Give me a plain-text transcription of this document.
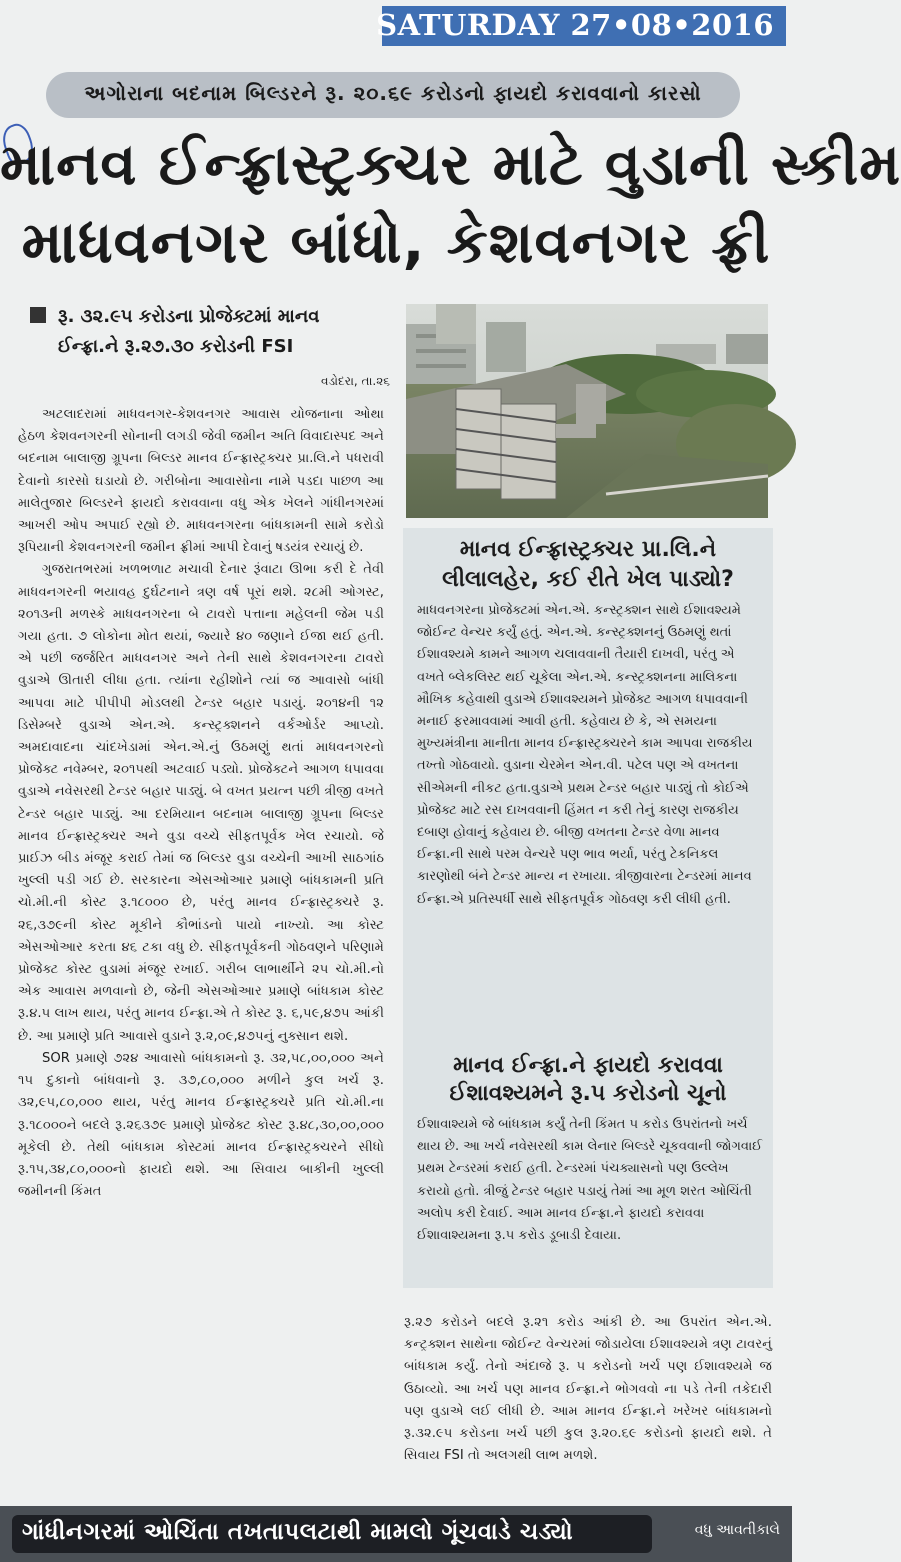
SATURDAY 27•08•2016
અગોરાના બદનામ બિલ્ડરને રૂ. ૨૦.૬૯ કરોડનો ફાયદો કરાવવાનો કારસો
માનવ ઈન્ફ્રાસ્ટ્રક્ચર માટે વુડાની સ્કીમ
માધવનગર બાંધો, કેશવનગર ફ્રી
રૂ. ૩૨.૯૫ કરોડના પ્રોજેક્ટમાં માનવ
ઈન્ફ્રા.ને રૂ.૨૭.૩૦ કરોડની FSI
વડોદરા, તા.૨૬

અટલાદરામાં માધવનગર-કેશવનગર આવાસ યોજનાના ઓથા હેઠળ કેશવનગરની સોનાની લગડી જેવી જમીન અતિ વિવાદાસ્પદ અને બદનામ બાલાજી ગ્રૂપના બિલ્ડર માનવ ઈન્ફ્રાસ્ટ્રક્ચર પ્રા.લિ.ને પધરાવી દેવાનો કારસો ઘડાયો છે. ગરીબોના આવાસોના નામે પડદા પાછળ આ માલેતુજાર બિલ્ડરને ફાયદો કરાવવાના વધુ એક ખેલને ગાંધીનગરમાં આખરી ઓપ અપાઈ રહ્યો છે. માધવનગરના બાંધકામની સામે કરોડો રૂપિયાની કેશવનગરની જમીન ફ્રીમાં આપી દેવાનું ષડયંત્ર રચાયું છે.

ગુજરાતભરમાં ખળભળાટ મચાવી દેનાર રૂંવાટા ઊભા કરી દે તેવી માધવનગરની ભયાવહ દુર્ઘટનાને ત્રણ વર્ષ પૂરાં થશે. ૨૮મી ઓગસ્ટ, ૨૦૧૩ની મળસ્કે માધવનગરના બે ટાવરો પત્તાના મહેલની જેમ પડી ગયા હતા. ૭ લોકોના મોત થયાં, જ્યારે ૪૦ જણાને ઈજા થઈ હતી. એ પછી જર્જરિત માધવનગર અને તેની સાથે કેશવનગરના ટાવરો વુડાએ ઊતારી લીધા હતા. ત્યાંના રહીશોને ત્યાં જ આવાસો બાંધી આપવા માટે પીપીપી મોડલથી ટેન્ડર બહાર પડાયું. ૨૦૧૪ની ૧૨ ડિસેમ્બરે વુડાએ એન.એ. કન્સ્ટ્રક્શનને વર્કઓર્ડર આપ્યો. અમદાવાદના ચાંદખેડામાં એન.એ.નું ઉઠમણું થતાં માધવનગરનો પ્રોજેક્ટ નવેમ્બર, ૨૦૧૫થી અટવાઈ પડ્યો. પ્રોજેક્ટને આગળ ધપાવવા વુડાએ નવેસરથી ટેન્ડર બહાર પાડ્યું. બે વખત પ્રયત્ન પછી ત્રીજી વખતે ટેન્ડર બહાર પાડ્યું. આ દરમિયાન બદનામ બાલાજી ગ્રૂપના બિલ્ડર માનવ ઈન્ફ્રાસ્ટ્રક્ચર અને વુડા વચ્ચે સીફતપૂર્વક ખેલ રચાયો. જે પ્રાઈઝ બીડ મંજૂર કરાઈ તેમાં જ બિલ્ડર વુડા વચ્ચેની આખી સાઠગાંઠ ખુલ્લી પડી ગઈ છે. સરકારના એસઓઆર પ્રમાણે બાંધકામની પ્રતિ ચો.મી.ની કોસ્ટ રૂ.૧૮૦૦૦ છે, પરંતુ માનવ ઈન્ફ્રાસ્ટ્રક્ચરે રૂ. ૨૬,૩૭૯ની કોસ્ટ મૂકીને કૌભાંડનો પાયો નાખ્યો. આ કોસ્ટ એસઓઆર કરતા ૪૬ ટકા વધુ છે. સીફતપૂર્વકની ગોઠવણને પરિણામે પ્રોજેક્ટ કોસ્ટ વુડામાં મંજૂર રખાઈ. ગરીબ લાભાર્થીને ૨૫ ચો.મી.નો એક આવાસ મળવાનો છે, જેની એસઓઆર પ્રમાણે બાંધકામ કોસ્ટ રૂ.૪.૫ લાખ થાય, પરંતુ માનવ ઈન્ફ્રા.એ તે કોસ્ટ રૂ. ૬,૫૯,૪૭૫ આંકી છે. આ પ્રમાણે પ્રતિ આવાસે વુડાને રૂ.૨,૦૯,૪૭૫નું નુક્સાન થશે.

SOR પ્રમાણે ૭૨૪ આવાસો બાંધકામનો રૂ. ૩૨,૫૮,૦૦,૦૦૦ અને ૧૫ દુકાનો બાંધવાનો રૂ. ૩૭,૮૦,૦૦૦ મળીને કુલ ખર્ચ રૂ. ૩૨,૯૫,૮૦,૦૦૦ થાય, પરંતુ માનવ ઈન્ફ્રાસ્ટ્રક્ચરે પ્રતિ ચો.મી.ના રૂ.૧૮૦૦૦ને બદલે રૂ.૨૬૩૭૯ પ્રમાણે પ્રોજેક્ટ કોસ્ટ રૂ.૪૮,૩૦,૦૦,૦૦૦ મૂકેલી છે. તેથી બાંધકામ કોસ્ટમાં માનવ ઈન્ફ્રાસ્ટ્રક્ચરને સીધો રૂ.૧૫,૩૪,૮૦,૦૦૦નો ફાયદો થશે. આ સિવાય બાકીની ખુલ્લી જમીનની કિંમત

માનવ ઈન્ફ્રાસ્ટ્રક્ચર પ્રા.લિ.ને
લીલાલહેર, કઈ રીતે ખેલ પાડ્યો?
માધવનગરના પ્રોજેક્ટમાં એન.એ. કન્સ્ટ્રક્શન સાથે ઈશાવશ્યમે જોઈન્ટ વેન્ચર કર્યું હતું. એન.એ. કન્સ્ટ્રક્શનનું ઉઠમણું થતાં ઈશાવશ્યમે કામને આગળ ચલાવવાની તૈયારી દાખવી, પરંતુ એ વખતે બ્લેકલિસ્ટ થઈ ચૂકેલા એન.એ. કન્સ્ટ્રક્શનના માલિકના મૌખિક કહેવાથી વુડાએ ઈશાવશ્યમને પ્રોજેક્ટ આગળ ધપાવવાની મનાઈ ફરમાવવામાં આવી હતી. કહેવાય છે કે, એ સમયના મુખ્યમંત્રીના માનીતા માનવ ઈન્ફ્રાસ્ટ્રક્ચરને કામ આપવા રાજકીય તખ્તો ગોઠવાયો. વુડાના ચેરમેન એન.વી. પટેલ પણ એ વખતના સીએમની નીકટ હતા.વુડાએ પ્રથમ ટેન્ડર બહાર પાડ્યું તો કોઈએ પ્રોજેક્ટ માટે રસ દાખવવાની હિંમત ન કરી તેનું કારણ રાજકીય દબાણ હોવાનું કહેવાય છે. બીજી વખતના ટેન્ડર વેળા માનવ ઈન્ફ્રા.ની સાથે પરમ વેન્ચરે પણ ભાવ ભર્યા, પરંતુ ટેકનિકલ કારણોથી બંને ટેન્ડર માન્ય ન રખાયા. ત્રીજીવારના ટેન્ડરમાં માનવ ઈન્ફ્રા.એ પ્રતિસ્પર્ધી સાથે સીફતપૂર્વક ગોઠવણ કરી લીધી હતી.
માનવ ઈન્ફ્રા.ને ફાયદો કરાવવા
ઈશાવશ્યમને રૂ.૫ કરોડનો ચૂનો
ઈશાવાશ્યમે જે બાંધકામ કર્યું તેની કિંમત ૫ કરોડ ઉપરાંતનો ખર્ચ થાય છે. આ ખર્ચ નવેસરથી કામ લેનાર બિલ્ડરે ચૂકવવાની જોગવાઈ પ્રથમ ટેન્ડરમાં કરાઈ હતી. ટેન્ડરમાં પંચક્યાસનો પણ ઉલ્લેખ કરાયો હતો. ત્રીજું ટેન્ડર બહાર પડાયું તેમાં આ મૂળ શરત ઓચિંતી અલોપ કરી દેવાઈ. આમ માનવ ઈન્ફ્રા.ને ફાયદો કરાવવા ઈશાવાશ્યમના રૂ.૫ કરોડ ડૂબાડી દેવાયા.
રૂ.૨૭ કરોડને બદલે રૂ.૨૧ કરોડ આંકી છે. આ ઉપરાંત એન.એ. કન્ટ્રક્શન સાથેના જોઈન્ટ વેન્ચરમાં જોડાયેલા ઈશાવશ્યમે ત્રણ ટાવરનું બાંધકામ કર્યું. તેનો અંદાજે રૂ. ૫ કરોડનો ખર્ચ પણ ઈશાવશ્યમે જ ઉઠાવ્યો. આ ખર્ચ પણ માનવ ઈન્ફ્રા.ને ભોગવવો ના પડે તેની તકેદારી પણ વુડાએ લઈ લીધી છે. આમ માનવ ઈન્ફ્રા.ને ખરેખર બાંધકામનો રૂ.૩૨.૯૫ કરોડના ખર્ચ પછી કુલ રૂ.૨૦.૬૯ કરોડનો ફાયદો થશે. તે સિવાય FSI તો અલગથી લાભ મળશે.
ગાંધીનગરમાં ઓચિંતા તખતાપલટાથી મામલો ગૂંચવાડે ચડ્યો	વધુ આવતીકાલે
